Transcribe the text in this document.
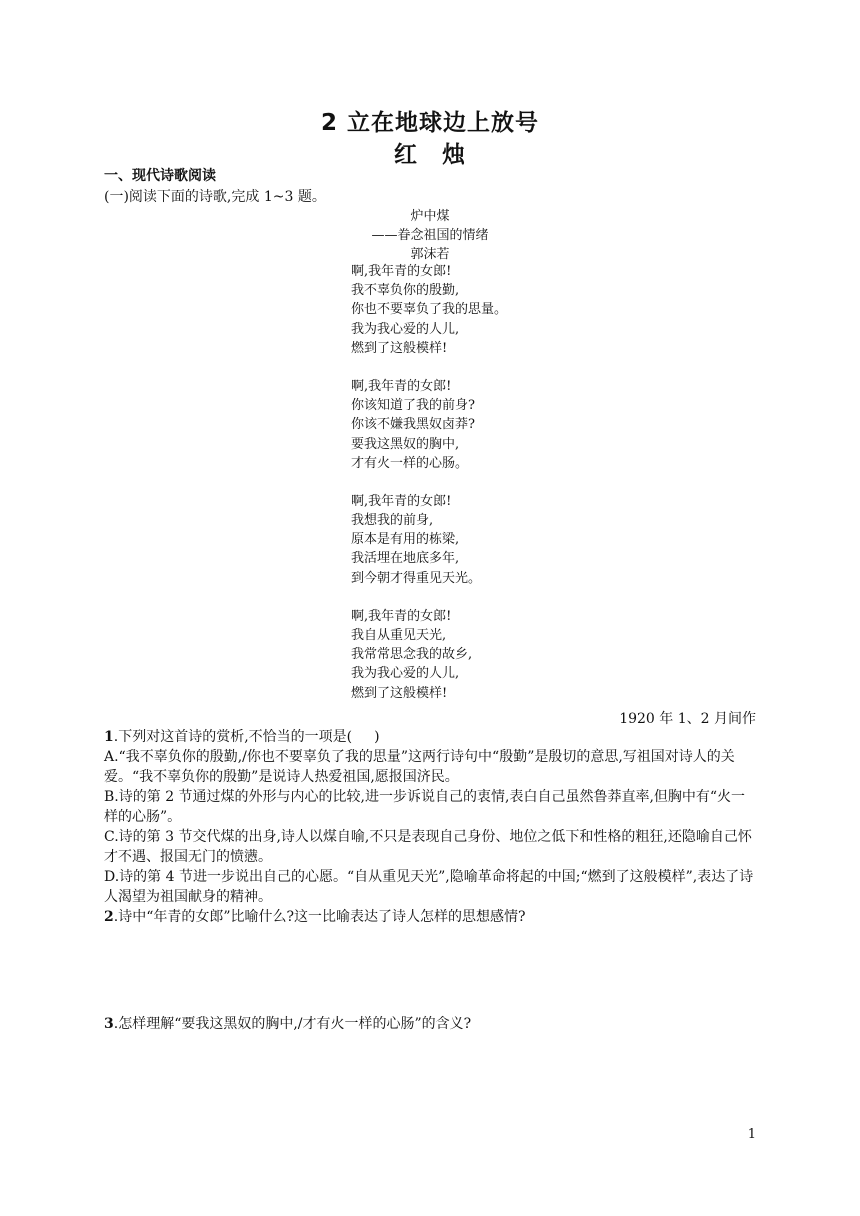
2 立在地球边上放号
红　烛
一、现代诗歌阅读
(一)阅读下面的诗歌,完成 1~3 题。
炉中煤
——眷念祖国的情绪
郭沫若
啊,我年青的女郎!
我不辜负你的殷勤,
你也不要辜负了我的思量。
我为我心爱的人儿,
燃到了这般模样!
啊,我年青的女郎!
你该知道了我的前身?
你该不嫌我黑奴卤莽?
要我这黑奴的胸中,
才有火一样的心肠。
啊,我年青的女郎!
我想我的前身,
原本是有用的栋梁,
我活埋在地底多年,
到今朝才得重见天光。
啊,我年青的女郎!
我自从重见天光,
我常常思念我的故乡,
我为我心爱的人儿,
燃到了这般模样!
1920 年 1、2 月间作

1.下列对这首诗的赏析,不恰当的一项是( )

A.“我不辜负你的殷勤,/你也不要辜负了我的思量”这两行诗句中“殷勤”是殷切的意思,写祖国对诗人的关爱。“我不辜负你的殷勤”是说诗人热爱祖国,愿报国济民。

B.诗的第 2 节通过煤的外形与内心的比较,进一步诉说自己的衷情,表白自己虽然鲁莽直率,但胸中有“火一样的心肠”。

C.诗的第 3 节交代煤的出身,诗人以煤自喻,不只是表现自己身份、地位之低下和性格的粗狂,还隐喻自己怀才不遇、报国无门的愤懑。

D.诗的第 4 节进一步说出自己的心愿。“自从重见天光”,隐喻革命将起的中国;“燃到了这般模样”,表达了诗人渴望为祖国献身的精神。

2.诗中“年青的女郎”比喻什么?这一比喻表达了诗人怎样的思想感情?

3.怎样理解“要我这黑奴的胸中,/才有火一样的心肠”的含义?
1
